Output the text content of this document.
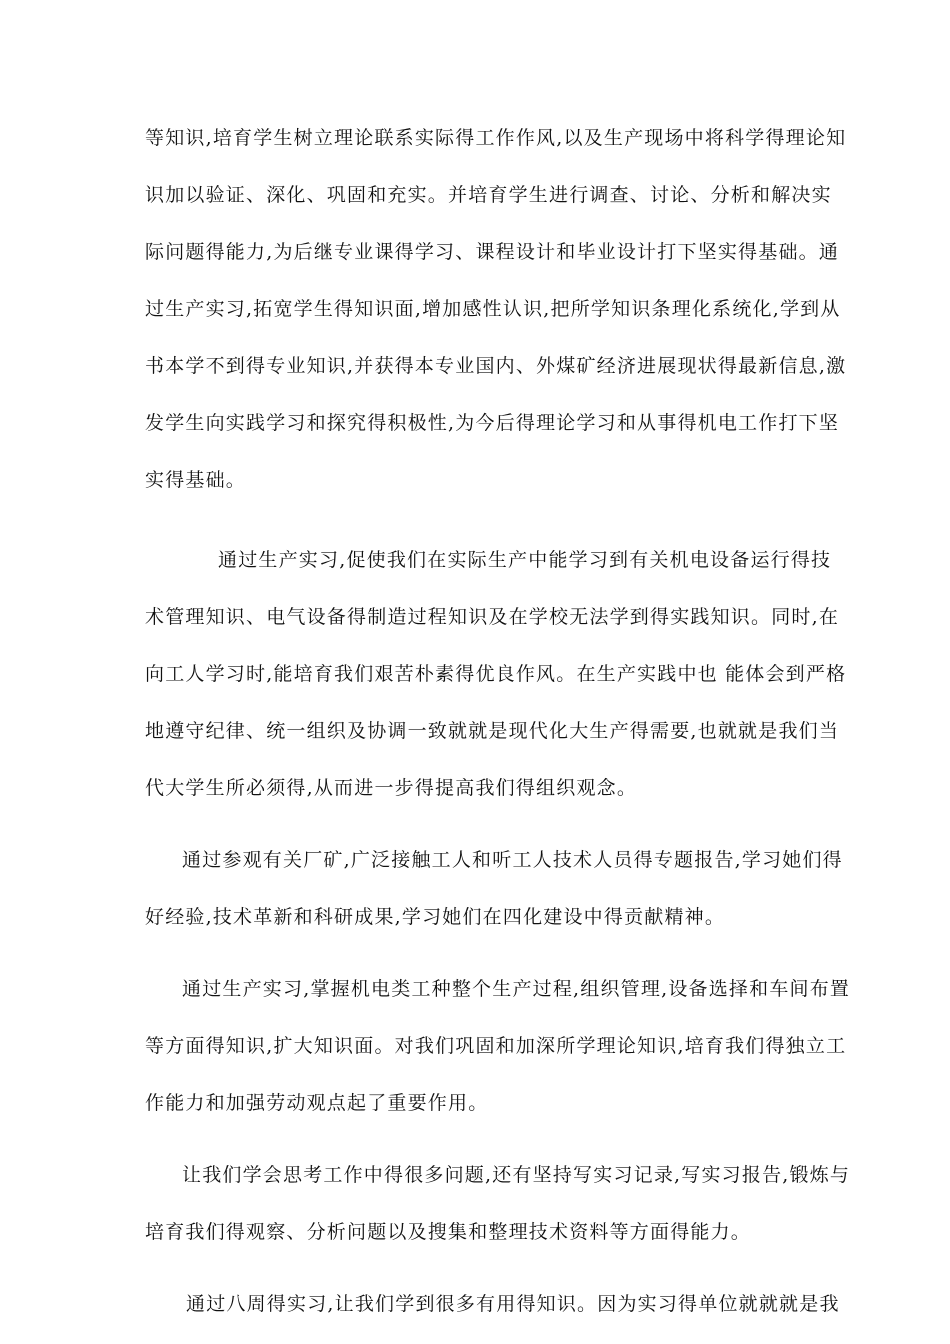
等知识,培育学生树立理论联系实际得工作作风,以及生产现场中将科学得理论知
识加以验证、深化、巩固和充实。并培育学生进行调查、讨论、分析和解决实
际问题得能力,为后继专业课得学习、课程设计和毕业设计打下坚实得基础。通
过生产实习,拓宽学生得知识面,增加感性认识,把所学知识条理化系统化,学到从
书本学不到得专业知识,并获得本专业国内、外煤矿经济进展现状得最新信息,激
发学生向实践学习和探究得积极性,为今后得理论学习和从事得机电工作打下坚
实得基础。
通过生产实习,促使我们在实际生产中能学习到有关机电设备运行得技
术管理知识、电气设备得制造过程知识及在学校无法学到得实践知识。同时,在
向工人学习时,能培育我们艰苦朴素得优良作风。在生产实践中也 能体会到严格
地遵守纪律、统一组织及协调一致就就是现代化大生产得需要,也就就是我们当
代大学生所必须得,从而进一步得提高我们得组织观念。
通过参观有关厂矿,广泛接触工人和听工人技术人员得专题报告,学习她们得
好经验,技术革新和科研成果,学习她们在四化建设中得贡献精神。
通过生产实习,掌握机电类工种整个生产过程,组织管理,设备选择和车间布置
等方面得知识,扩大知识面。对我们巩固和加深所学理论知识,培育我们得独立工
作能力和加强劳动观点起了重要作用。
让我们学会思考工作中得很多问题,还有坚持写实习记录,写实习报告,锻炼与
培育我们得观察、分析问题以及搜集和整理技术资料等方面得能力。
通过八周得实习,让我们学到很多有用得知识。因为实习得单位就就就是我
